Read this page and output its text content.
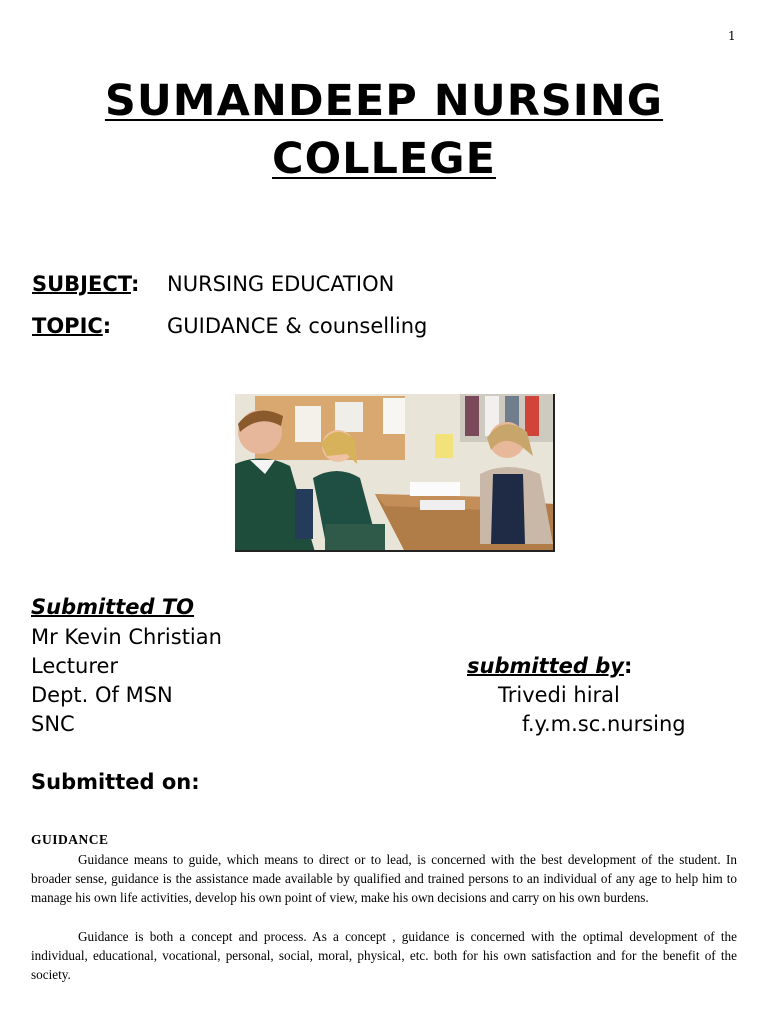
1
SUMANDEEP NURSING
COLLEGE
SUBJECT: NURSING EDUCATION
TOPIC:	GUIDANCE & counselling
Submitted TO
Mr Kevin Christian
Lecturer
Dept. Of MSN
SNC
submitted by:
Trivedi hiral
f.y.m.sc.nursing
Submitted on:
GUIDANCE
Guidance means to guide, which means to direct or to lead, is concerned with the best development of the student. In broader sense, guidance is the assistance made available by qualified and trained persons to an individual of any age to help him to manage his own life activities, develop his own point of view, make his own decisions and carry on his own burdens.
Guidance is both a concept and process. As a concept , guidance is concerned with the optimal development of the individual, educational, vocational, personal, social, moral, physical, etc. both for his own satisfaction and for the benefit of the society.
